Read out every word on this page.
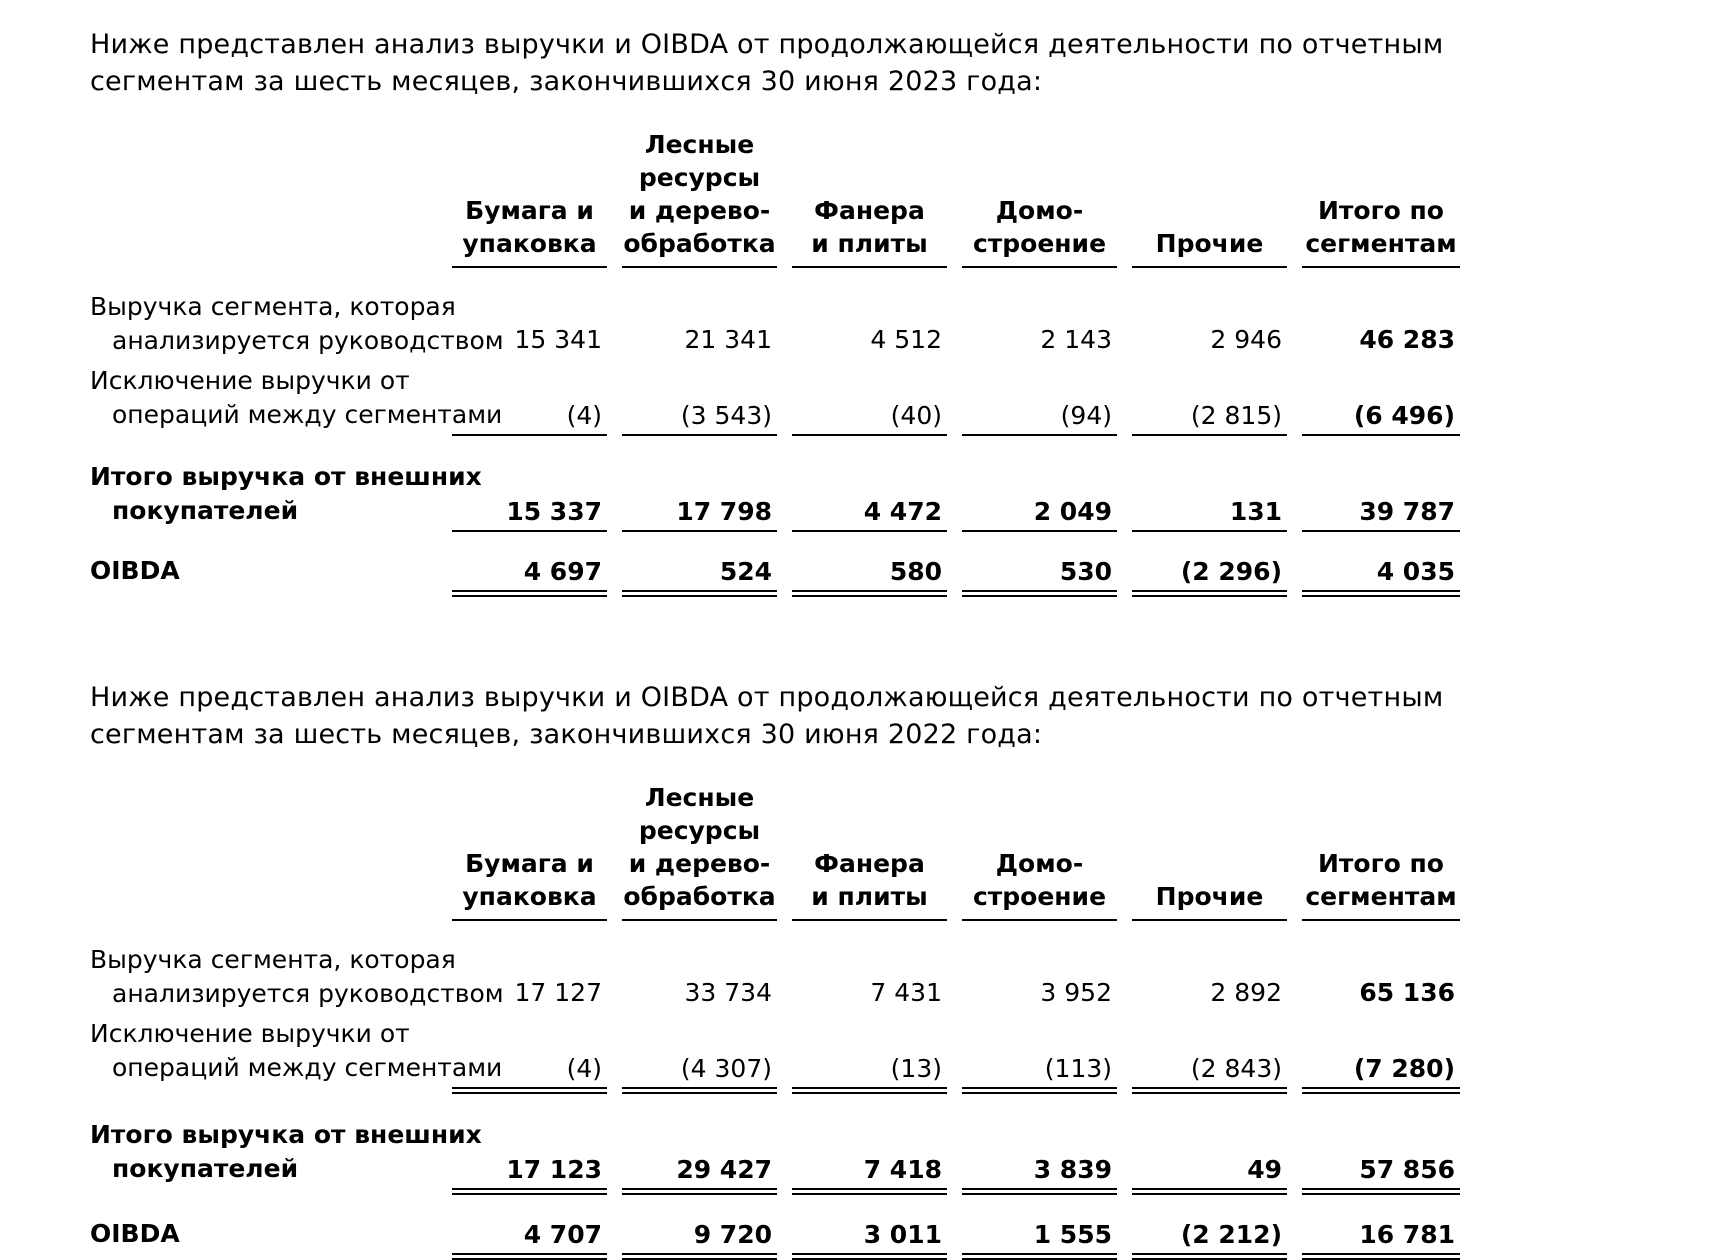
Ниже представлен анализ выручки и OIBDA от продолжающейся деятельности по отчетным
сегментам за шесть месяцев, закончившихся 30 июня 2023 года:

	Бумага и
упаковка	Лесные
ресурсы
и дерево-
обработка	Фанера
и плиты	Домо-
строение	Прочие	Итого по
сегментам

Выручка сегмента, которая
анализируется руководством	15 341	21 341	4 512	2 143	2 946	46 283

Исключение выручки от
операций между сегментами	(4)	(3 543)	(40)	(94)	(2 815)	(6 496)

Итого выручка от внешних
покупателей	15 337	17 798	4 472	2 049	131	39 787

OIBDA	4 697	524	580	530	(2 296)	4 035

Ниже представлен анализ выручки и OIBDA от продолжающейся деятельности по отчетным
сегментам за шесть месяцев, закончившихся 30 июня 2022 года:

	Бумага и
упаковка	Лесные
ресурсы
и дерево-
обработка	Фанера
и плиты	Домо-
строение	Прочие	Итого по
сегментам

Выручка сегмента, которая
анализируется руководством	17 127	33 734	7 431	3 952	2 892	65 136

Исключение выручки от
операций между сегментами	(4)	(4 307)	(13)	(113)	(2 843)	(7 280)

Итого выручка от внешних
покупателей	17 123	29 427	7 418	3 839	49	57 856

OIBDA	4 707	9 720	3 011	1 555	(2 212)	16 781
